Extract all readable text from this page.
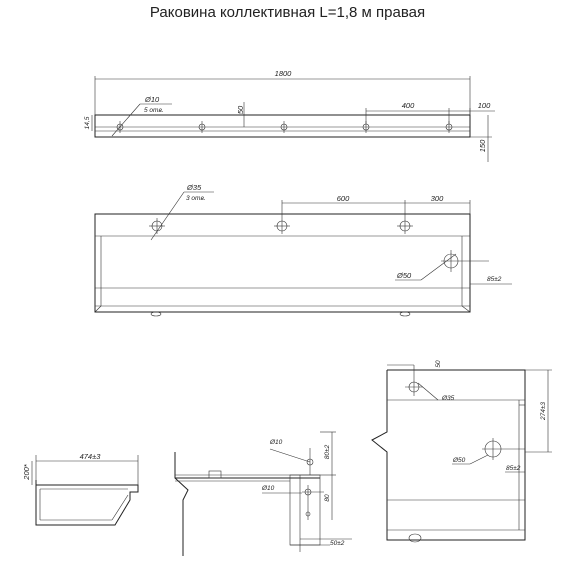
Раковина коллективная L=1,8 м правая
1800
400	100
50
14,5
150
Ø10
5 отв.
600	300
Ø35
3 отв.
Ø50	85±2
474±3
200*
Ø10
Ø10
80±2
80
50±2
50
Ø35
Ø50
85±2
274±3
